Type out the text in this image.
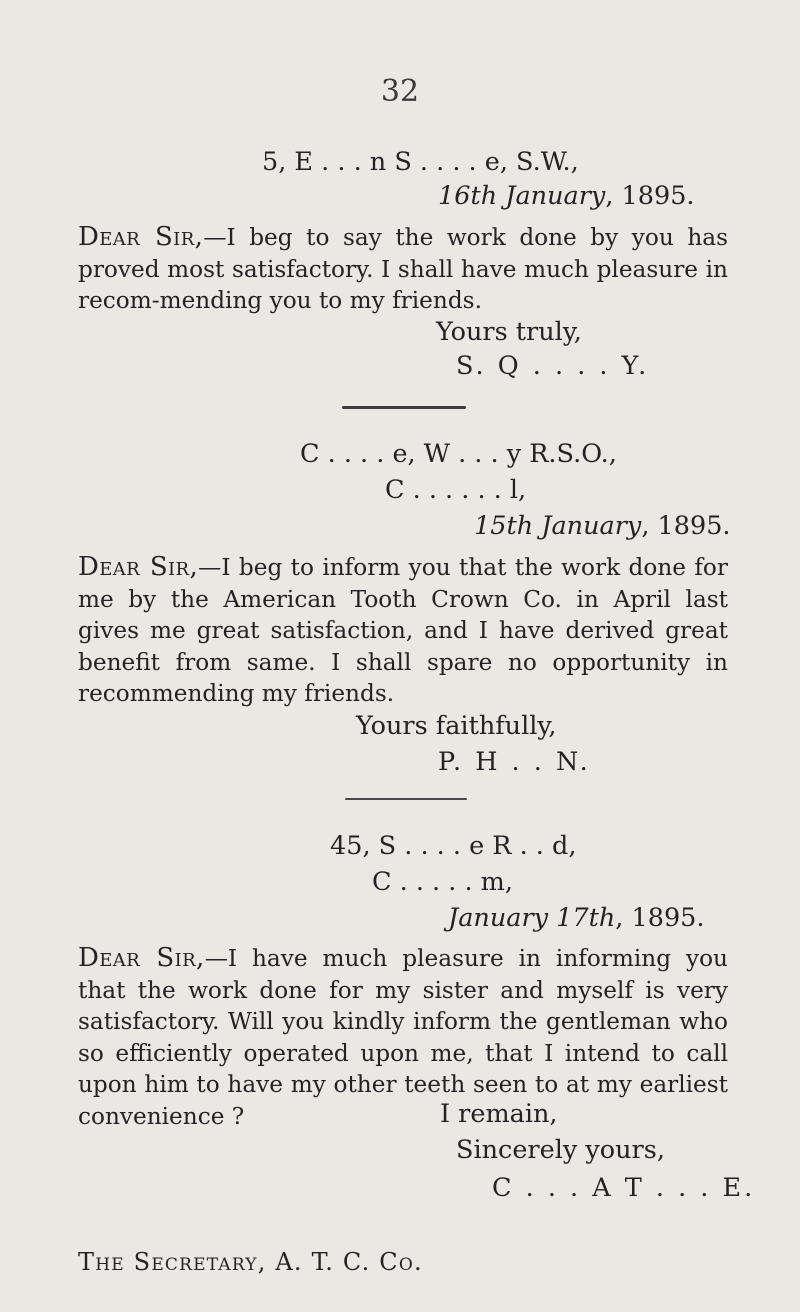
32
5, E . . . n S . . . . e, S.W.,
16th January, 1895.
Dear Sir,—I beg to say the work done by you has proved most satisfactory. I shall have much pleasure in recom-mending you to my friends.
Yours truly,
S. Q . . . . Y.
C . . . . e, W . . . y R.S.O.,
C . . . . . . l,
15th January, 1895.
Dear Sir,—I beg to inform you that the work done for me by the American Tooth Crown Co. in April last gives me great satisfaction, and I have derived great benefit from same. I shall spare no opportunity in recommending my friends.
Yours faithfully,
P. H . . N.
45, S . . . . e R . . d,
C . . . . . m,
January 17th, 1895.
Dear Sir,—I have much pleasure in informing you that the work done for my sister and myself is very satisfactory. Will you kindly inform the gentleman who so efficiently operated upon me, that I intend to call upon him to have my other teeth seen to at my earliest convenience ?	I remain,
Sincerely yours,
C . . . A T . . . E.
The Secretary, A. T. C. Co.
